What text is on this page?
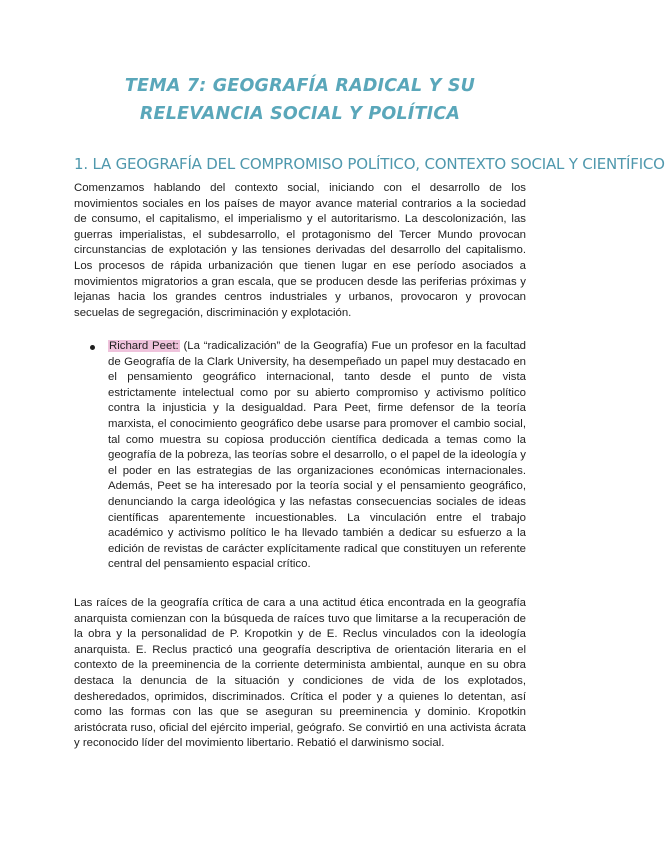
TEMA 7: GEOGRAFÍA RADICAL Y SU RELEVANCIA SOCIAL Y POLÍTICA
1. LA GEOGRAFÍA DEL COMPROMISO POLÍTICO, CONTEXTO SOCIAL Y CIENTÍFICO

Comenzamos hablando del contexto social, iniciando con el desarrollo de los movimientos sociales en los países de mayor avance material contrarios a la sociedad de consumo, el capitalismo, el imperialismo y el autoritarismo. La descolonización, las guerras imperialistas, el subdesarrollo, el protagonismo del Tercer Mundo provocan circunstancias de explotación y las tensiones derivadas del desarrollo del capitalismo. Los procesos de rápida urbanización que tienen lugar en ese período asociados a movimientos migratorios a gran escala, que se producen desde las periferias próximas y lejanas hacia los grandes centros industriales y urbanos, provocaron y provocan secuelas de segregación, discriminación y explotación.

Richard Peet: (La “radicalización” de la Geografía) Fue un profesor en la facultad de Geografía de la Clark University, ha desempeñado un papel muy destacado en el pensamiento geográfico internacional, tanto desde el punto de vista estrictamente intelectual como por su abierto compromiso y activismo político contra la injusticia y la desigualdad. Para Peet, firme defensor de la teoría marxista, el conocimiento geográfico debe usarse para promover el cambio social, tal como muestra su copiosa producción científica dedicada a temas como la geografía de la pobreza, las teorías sobre el desarrollo, o el papel de la ideología y el poder en las estrategias de las organizaciones económicas internacionales. Además, Peet se ha interesado por la teoría social y el pensamiento geográfico, denunciando la carga ideológica y las nefastas consecuencias sociales de ideas científicas aparentemente incuestionables. La vinculación entre el trabajo académico y activismo político le ha llevado también a dedicar su esfuerzo a la edición de revistas de carácter explícitamente radical que constituyen un referente central del pensamiento espacial crítico.

Las raíces de la geografía crítica de cara a una actitud ética encontrada en la geografía anarquista comienzan con la búsqueda de raíces tuvo que limitarse a la recuperación de la obra y la personalidad de P. Kropotkin y de E. Reclus vinculados con la ideología anarquista. E. Reclus practicó una geografía descriptiva de orientación literaria en el contexto de la preeminencia de la corriente determinista ambiental, aunque en su obra destaca la denuncia de la situación y condiciones de vida de los explotados, desheredados, oprimidos, discriminados. Crítica el poder y a quienes lo detentan, así como las formas con las que se aseguran su preeminencia y dominio. Kropotkin aristócrata ruso, oficial del ejército imperial, geógrafo. Se convirtió en una activista ácrata y reconocido líder del movimiento libertario. Rebatió el darwinismo social.
